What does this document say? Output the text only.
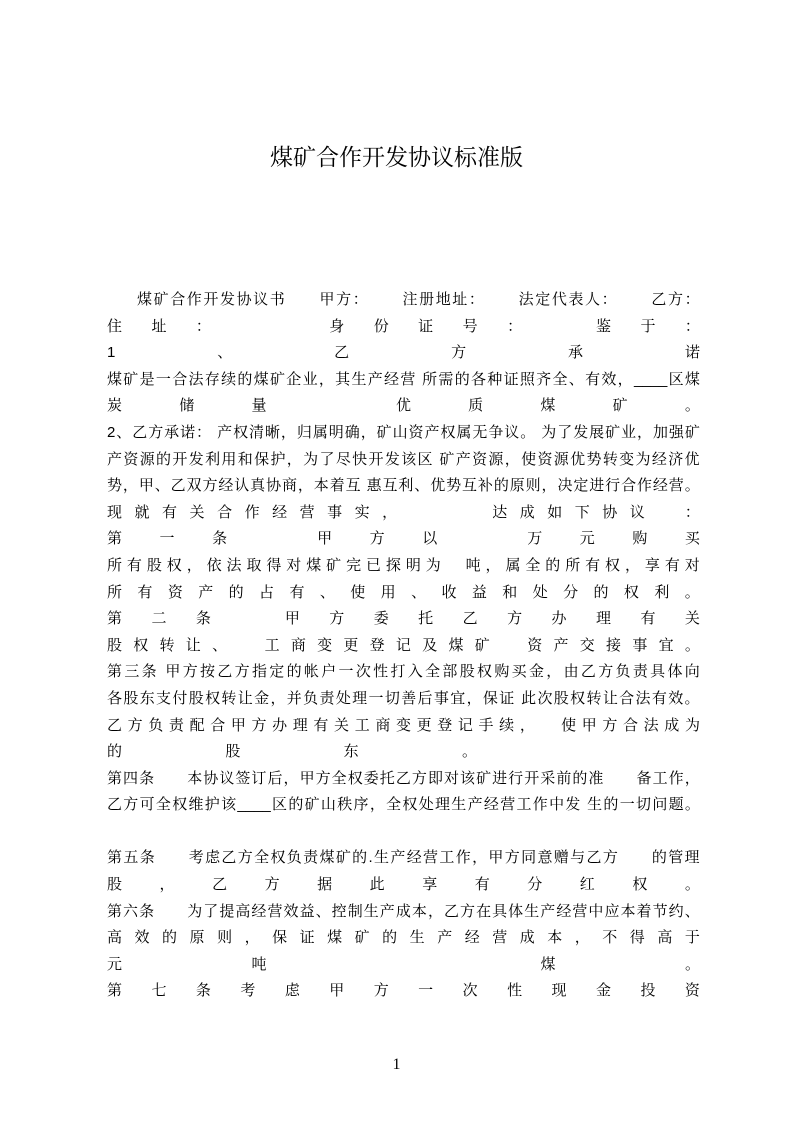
煤矿合作开发协议标准版
煤 矿 合 作 开 发 协 议 书

　 甲 方 ：

　 注 册 地 址 ：

　 法 定 代 表 人 ：

　 乙 方 ：
住 址 ：

　	身 份 证 号 ：
　	鉴 于 ：
1	、	乙	方	承	诺
煤 矿 是 一 合 法 存 续 的 煤 矿 企 业 ， 其 生 产 经 营
所 需 的 各 种 证 照 齐 全 、 有 效 ， ____ 区 煤
炭	储	量
　	优	质	煤	矿	。
2 、 乙 方 承 诺 ：
产 权 清 晰 ， 归 属 明 确 ， 矿 山 资 产 权 属 无 争 议 。
为 了 发 展 矿 业 ， 加 强 矿
产 资 源 的 开 发 利 用 和 保 护 ， 为 了 尽 快 开 发 该 区
矿 产 资 源 ， 使 资 源 优 势 转 变 为 经 济 优
势 ， 甲 、 乙 双 方 经 认 真 协 商 ， 本 着 互
惠 互 利 、 优 势 互 补 的 原 则 ， 决 定 进 行 合 作 经 营 。
现 就 有 关 合 作 经 营 事 实 ，

　	达 成 如 下 协 议
　	：
第	一	条
　	甲	方	以
　	万	元	购	买
所 有 股 权 ， 依 法 取 得 对 煤 矿 完 已 探 明 为
　 吨 ， 属 全 的 所 有 权 ， 享 有 对
所 有 资 产 的 占 有 、 使 用 、 收 益 和 处 分 的 权 利 。
第 二 条
　	甲 方 委 托 乙 方 办 理 有 关
股 权 转 让 、
　	工 商 变 更 登 记 及 煤 矿
　	资 产 交 接 事 宜 。
第 三 条
甲 方 按 乙 方 指 定 的 帐 户 一 次 性 打 入 全 部 股 权 购 买 金 ， 由 乙 方 负 责 具 体 向
各 股 东 支 付 股 权 转 让 金 ， 并 负 责 处 理 一 切 善 后 事 宜 ， 保 证
此 次 股 权 转 让 合 法 有 效 。
乙 方 负 责 配 合 甲 方 办 理 有 关 工 商 变 更 登 记 手 续 ，
　 使 甲 方 合 法 成 为
的	股	东	。
第 四 条

　 本 协 议 签 订 后 ， 甲 方 全 权 委 托 乙 方 即 对 该 矿 进 行 开 采 前 的 准

　 备 工 作 ，
乙 方 可 全 权 维 护 该 ____ 区 的 矿 山 秩 序 ， 全 权 处 理 生 产 经 营 工 作 中 发
生 的 一 切 问 题 。
第 五 条

　 考 虑 乙 方 全 权 负 责 煤 矿 的 . 生 产 经 营 工 作 ， 甲 方 同 意 赠 与 乙 方

　 的 管 理
股	，	乙	方	据	此	享	有	分	红	权	。
第 六 条

　 为 了 提 高 经 营 效 益 、 控 制 生 产 成 本 ， 乙 方 在 具 体 生 产 经 营 中 应 本 着 节 约 、
高 效 的 原 则 ， 保 证 煤 矿 的 生 产 经 营 成 本 ， 不 得 高 于
元	吨
　	煤	。
第 七 条 考 虑 甲 方 一 次 性 现 金 投 资
1
